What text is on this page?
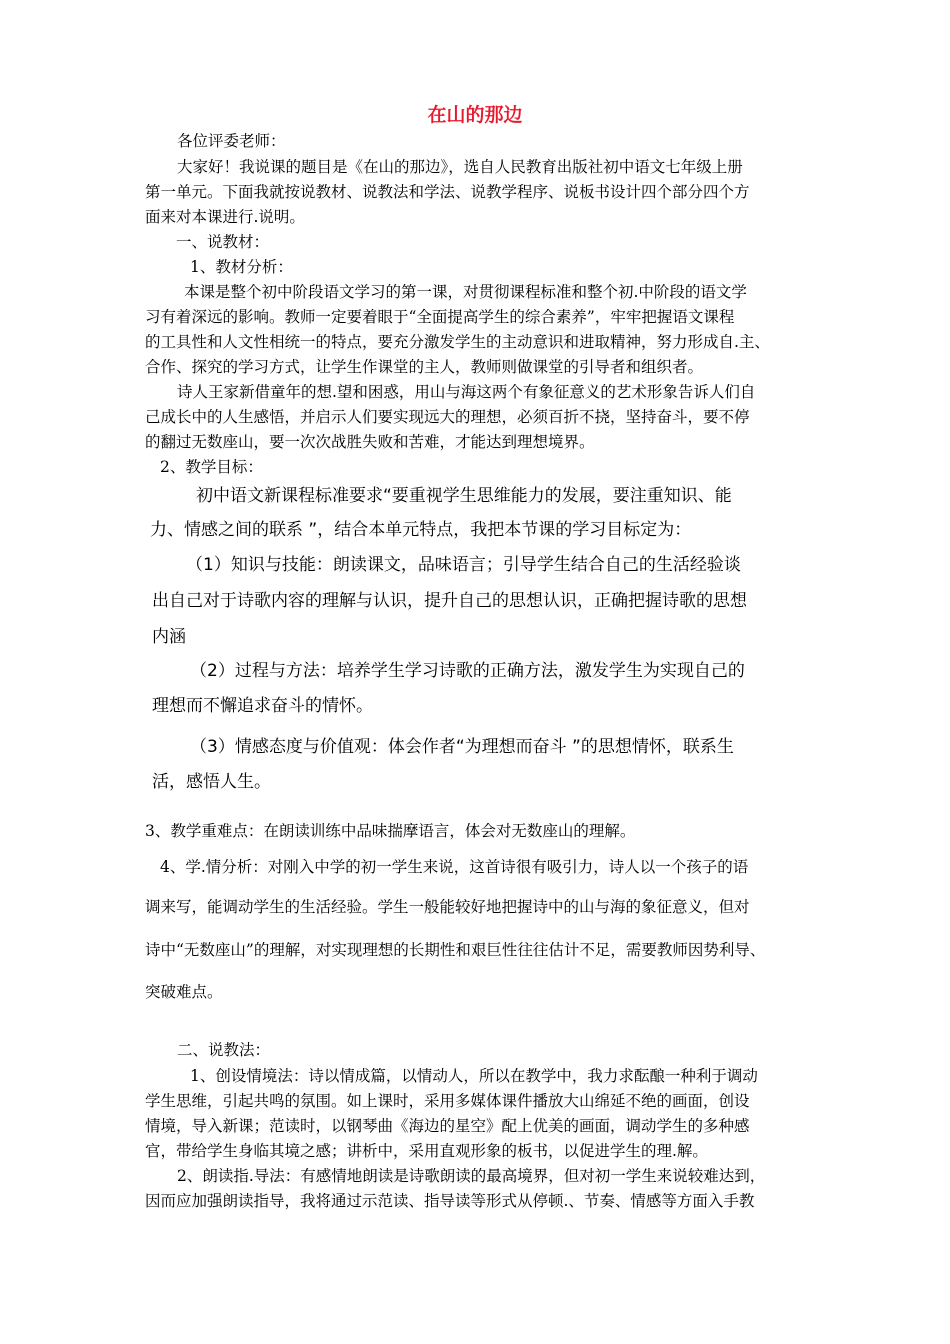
在山的那边
各位评委老师：
大家好！我说课的题目是《在山的那边》，选自人民教育出版社初中语文七年级上册
第一单元。下面我就按说教材、说教法和学法、说教学程序、说板书设计四个部分四个方
面来对本课进行.说明。
一、说教材：
1、教材分析：
本课是整个初中阶段语文学习的第一课，对贯彻课程标准和整个初.中阶段的语文学
习有着深远的影响。教师一定要着眼于“全面提高学生的综合素养”，牢牢把握语文课程
的工具性和人文性相统一的特点，要充分激发学生的主动意识和进取精神，努力形成自.主、
合作、探究的学习方式，让学生作课堂的主人，教师则做课堂的引导者和组织者。
诗人王家新借童年的想.望和困惑，用山与海这两个有象征意义的艺术形象告诉人们自
己成长中的人生感悟，并启示人们要实现远大的理想，必须百折不挠，坚持奋斗，要不停
的翻过无数座山，要一次次战胜失败和苦难，才能达到理想境界。
2、教学目标：
初中语文新课程标准要求“要重视学生思维能力的发展，要注重知识、能
力、情感之间的联系 ”，结合本单元特点，我把本节课的学习目标定为：
（1）知识与技能：朗读课文，品味语言；引导学生结合自己的生活经验谈
出自己对于诗歌内容的理解与认识，提升自己的思想认识，正确把握诗歌的思想
内涵
（2）过程与方法：培养学生学习诗歌的正确方法，激发学生为实现自己的
理想而不懈追求奋斗的情怀。
（3）情感态度与价值观：体会作者“为理想而奋斗 ”的思想情怀，联系生
活，感悟人生。
3、教学重难点：在朗读训练中品味揣摩语言，体会对无数座山的理解。
4、学.情分析：对刚入中学的初一学生来说，这首诗很有吸引力，诗人以一个孩子的语
调来写，能调动学生的生活经验。学生一般能较好地把握诗中的山与海的象征意义，但对
诗中“无数座山”的理解，对实现理想的长期性和艰巨性往往估计不足，需要教师因势利导、
突破难点。
二、说教法：
1、创设情境法：诗以情成篇，以情动人，所以在教学中，我力求酝酿一种利于调动
学生思维，引起共鸣的氛围。如上课时，采用多媒体课件播放大山绵延不绝的画面，创设
情境，导入新课；范读时，以钢琴曲《海边的星空》配上优美的画面，调动学生的多种感
官，带给学生身临其境之感；讲析中，采用直观形象的板书，以促进学生的理.解。
2、朗读指.导法：有感情地朗读是诗歌朗读的最高境界，但对初一学生来说较难达到，
因而应加强朗读指导，我将通过示范读、指导读等形式从停顿.、节奏、情感等方面入手教
